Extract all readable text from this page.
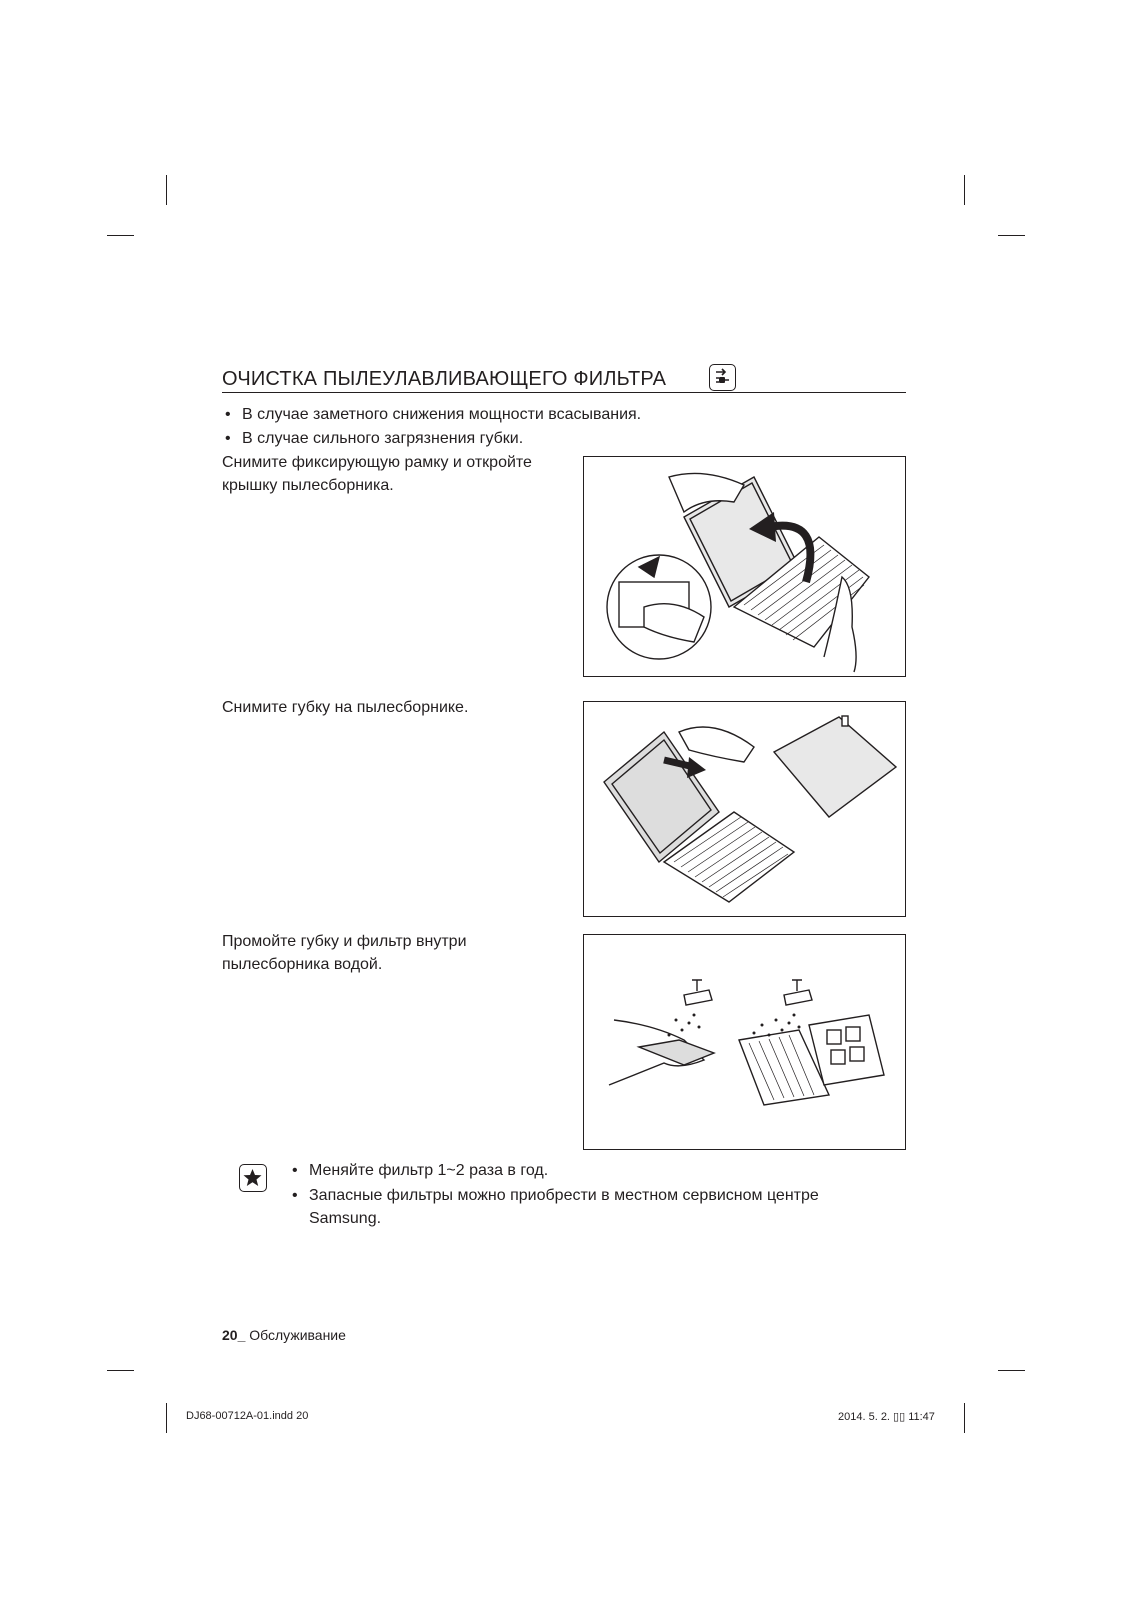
ОЧИСТКА ПЫЛЕУЛАВЛИВАЮЩЕГО ФИЛЬТРА
• В случае заметного снижения мощности всасывания.
• В случае сильного загрязнения губки.

Снимите фиксирующую рамку и откройте крышку пылесборника.

Снимите губку на пылесборнике.

Промойте губку и фильтр внутри пылесборника водой.

• Меняйте фильтр 1~2 раза в год.
• Запасные фильтры можно приобрести в местном сервисном центре Samsung.
20_ Обслуживание
DJ68-00712A-01.indd 20	2014. 5. 2. ▯▯ 11:47
